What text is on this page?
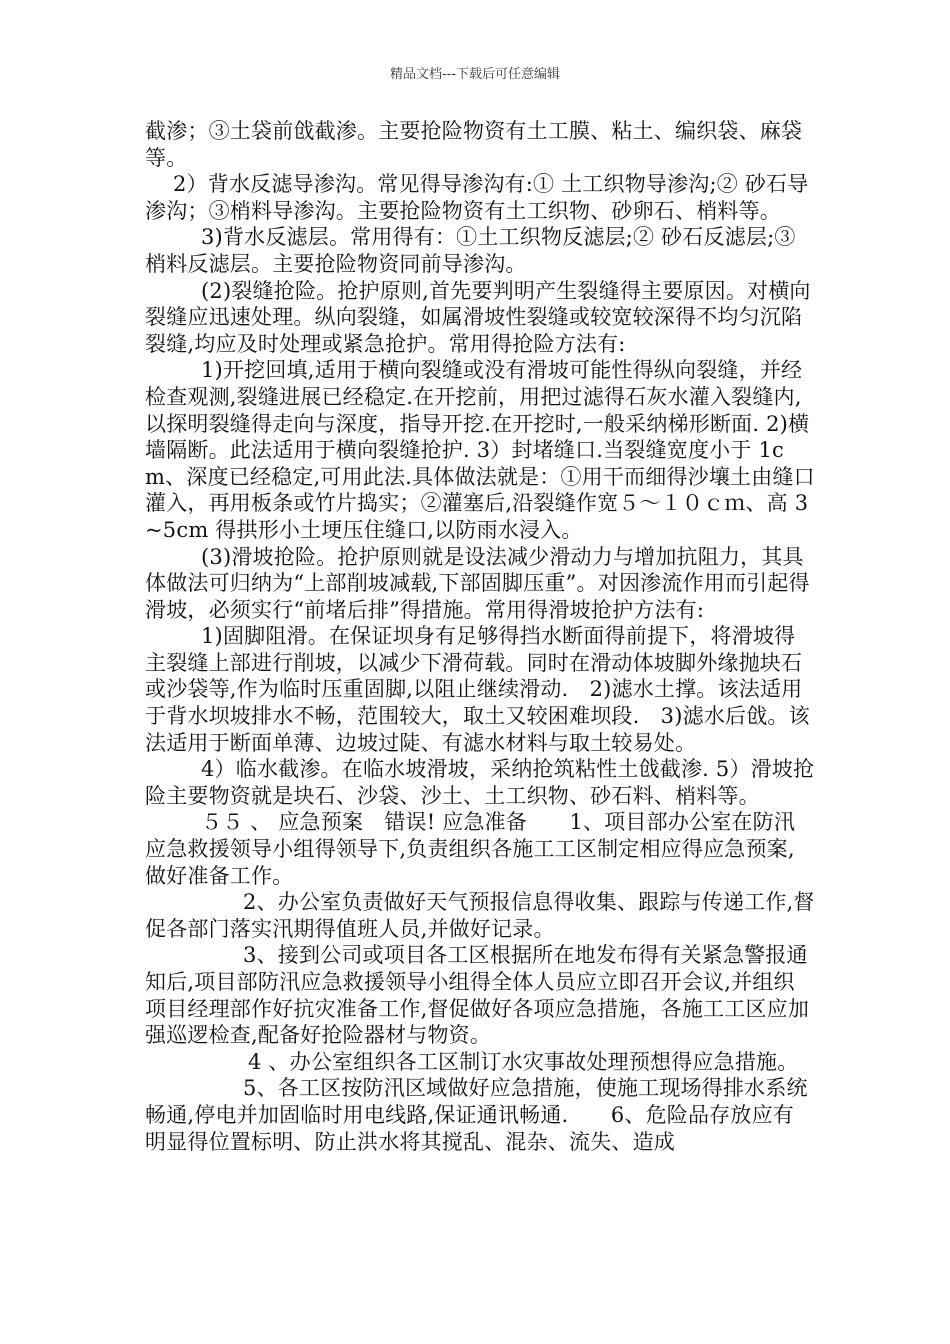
精品文档---下载后可任意编辑

截渗；③土袋前戗截渗。主要抢险物资有土工膜、粘土、编织袋、麻袋等。

2）背水反滤导渗沟。常见得导渗沟有:① 土工织物导渗沟;② 砂石导渗沟；③梢料导渗沟。主要抢险物资有土工织物、砂卵石、梢料等。

3)背水反滤层。常用得有：①土工织物反滤层;② 砂石反滤层;③ 梢料反滤层。主要抢险物资同前导渗沟。

(2)裂缝抢险。抢护原则,首先要判明产生裂缝得主要原因。对横向裂缝应迅速处理。纵向裂缝，如属滑坡性裂缝或较宽较深得不均匀沉陷裂缝,均应及时处理或紧急抢护。常用得抢险方法有:

1)开挖回填,适用于横向裂缝或没有滑坡可能性得纵向裂缝，并经检查观测,裂缝进展已经稳定.在开挖前，用把过滤得石灰水灌入裂缝内,以探明裂缝得走向与深度，指导开挖.在开挖时,一般采纳梯形断面. 2)横墙隔断。此法适用于横向裂缝抢护. 3）封堵缝口.当裂缝宽度小于 1cm、深度已经稳定,可用此法.具体做法就是：①用干而细得沙壤土由缝口灌入，再用板条或竹片捣实；②灌塞后,沿裂缝作宽５～１０ｃｍ、高 3~5cm 得拱形小土埂压住缝口,以防雨水浸入。

(3)滑坡抢险。抢护原则就是设法减少滑动力与增加抗阻力，其具体做法可归纳为“上部削坡减载,下部固脚压重”。对因渗流作用而引起得滑坡，必须实行“前堵后排”得措施。常用得滑坡抢护方法有:

1)固脚阻滑。在保证坝身有足够得挡水断面得前提下，将滑坡得主裂缝上部进行削坡，以减少下滑荷载。同时在滑动体坡脚外缘抛块石或沙袋等,作为临时压重固脚,以阻止继续滑动.　2)滤水土撑。该法适用于背水坝坡排水不畅，范围较大，取土又较困难坝段.　3)滤水后戗。该法适用于断面单薄、边坡过陡、有滤水材料与取土较易处。

4）临水截渗。在临水坡滑坡，采纳抢筑粘性土戗截渗. 5）滑坡抢险主要物资就是块石、沙袋、沙土、土工织物、砂石料、梢料等。

５５ 、 应急预案　错误! 应急准备　　1、项目部办公室在防汛应急救援领导小组得领导下,负责组织各施工工区制定相应得应急预案,做好准备工作。

2、办公室负责做好天气预报信息得收集、跟踪与传递工作,督促各部门落实汛期得值班人员,并做好记录。

3、接到公司或项目各工区根据所在地发布得有关紧急警报通知后,项目部防汛应急救援领导小组得全体人员应立即召开会议,并组织项目经理部作好抗灾准备工作,督促做好各项应急措施，各施工工区应加强巡逻检查,配备好抢险器材与物资。

4 、办公室组织各工区制订水灾事故处理预想得应急措施。

5、各工区按防汛区域做好应急措施，使施工现场得排水系统畅通,停电并加固临时用电线路,保证通讯畅通.　　6、危险品存放应有明显得位置标明、防止洪水将其搅乱、混杂、流失、造成
